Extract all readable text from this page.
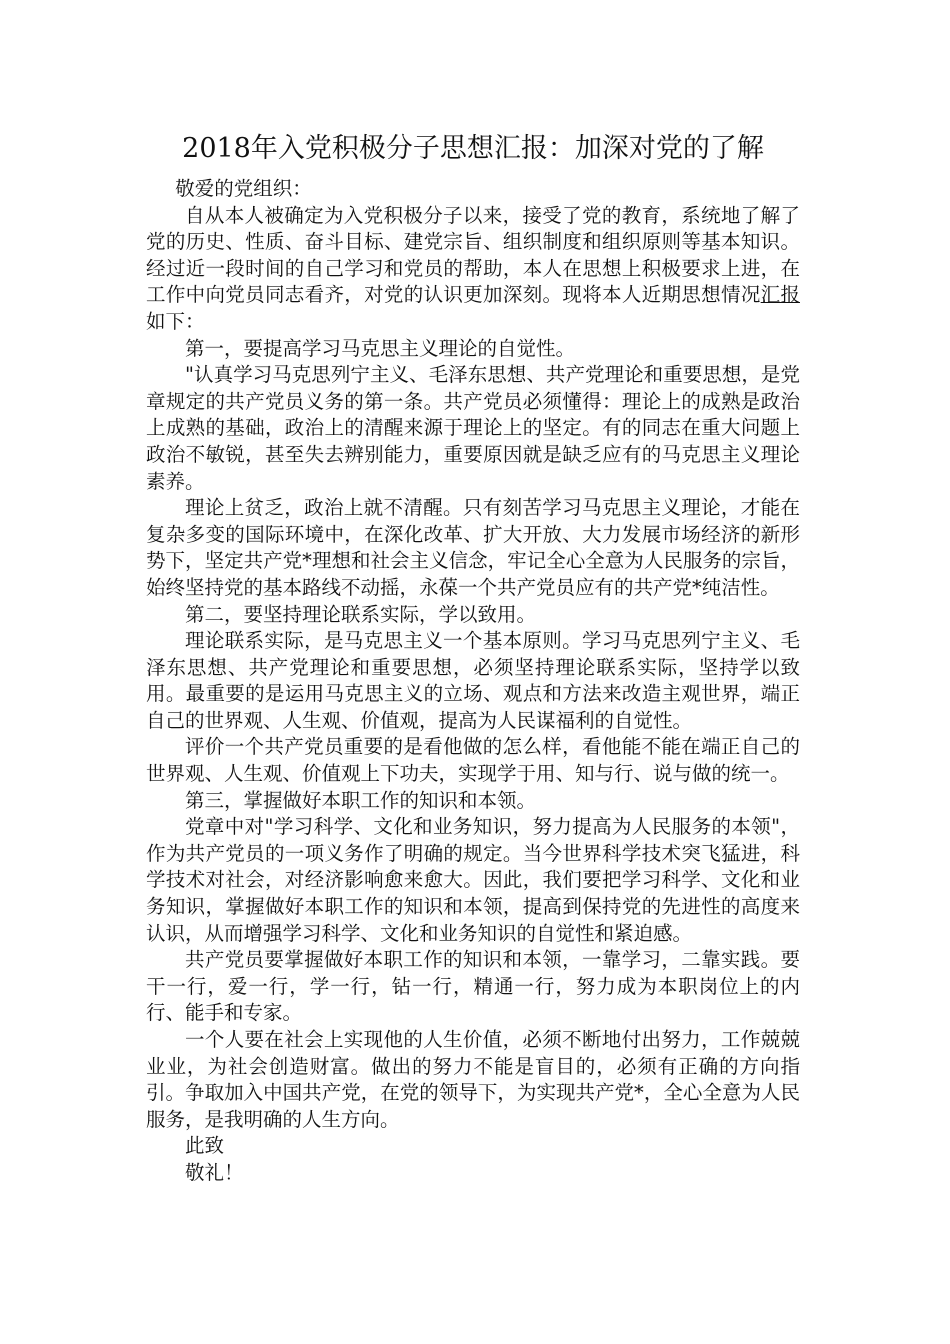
2018年入党积极分子思想汇报：加深对党的了解

敬爱的党组织：

自从本人被确定为入党积极分子以来，接受了党的教育，系统地了解了党的历史、性质、奋斗目标、建党宗旨、组织制度和组织原则等基本知识。经过近一段时间的自己学习和党员的帮助，本人在思想上积极要求上进，在工作中向党员同志看齐，对党的认识更加深刻。现将本人近期思想情况汇报如下：

第一，要提高学习马克思主义理论的自觉性。

"认真学习马克思列宁主义、毛泽东思想、共产党理论和重要思想，是党章规定的共产党员义务的第一条。共产党员必须懂得：理论上的成熟是政治上成熟的基础，政治上的清醒来源于理论上的坚定。有的同志在重大问题上政治不敏锐，甚至失去辨别能力，重要原因就是缺乏应有的马克思主义理论素养。

理论上贫乏，政治上就不清醒。只有刻苦学习马克思主义理论，才能在复杂多变的国际环境中，在深化改革、扩大开放、大力发展市场经济的新形势下，坚定共产党*理想和社会主义信念，牢记全心全意为人民服务的宗旨，始终坚持党的基本路线不动摇，永葆一个共产党员应有的共产党*纯洁性。

第二，要坚持理论联系实际，学以致用。

理论联系实际，是马克思主义一个基本原则。学习马克思列宁主义、毛泽东思想、共产党理论和重要思想，必须坚持理论联系实际，坚持学以致用。最重要的是运用马克思主义的立场、观点和方法来改造主观世界，端正自己的世界观、人生观、价值观，提高为人民谋福利的自觉性。

评价一个共产党员重要的是看他做的怎么样，看他能不能在端正自己的世界观、人生观、价值观上下功夫，实现学于用、知与行、说与做的统一。

第三，掌握做好本职工作的知识和本领。

党章中对"学习科学、文化和业务知识，努力提高为人民服务的本领"，作为共产党员的一项义务作了明确的规定。当今世界科学技术突飞猛进，科学技术对社会，对经济影响愈来愈大。因此，我们要把学习科学、文化和业务知识，掌握做好本职工作的知识和本领，提高到保持党的先进性的高度来认识，从而增强学习科学、文化和业务知识的自觉性和紧迫感。

共产党员要掌握做好本职工作的知识和本领，一靠学习，二靠实践。要干一行，爱一行，学一行，钻一行，精通一行，努力成为本职岗位上的内行、能手和专家。

一个人要在社会上实现他的人生价值，必须不断地付出努力，工作兢兢业业，为社会创造财富。做出的努力不能是盲目的，必须有正确的方向指引。争取加入中国共产党，在党的领导下，为实现共产党*，全心全意为人民服务，是我明确的人生方向。

此致

敬礼！
